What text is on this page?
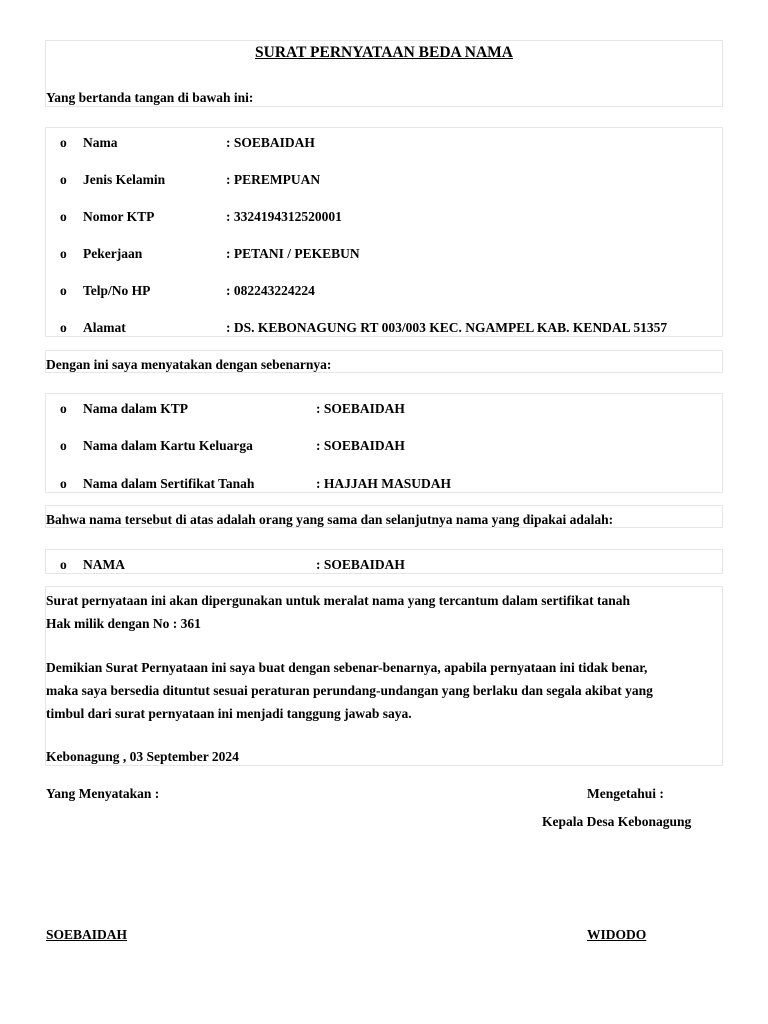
SURAT PERNYATAAN BEDA NAMA
Yang bertanda tangan di bawah ini:
o Nama	: SOEBAIDAH
o Jenis Kelamin	: PEREMPUAN
o Nomor KTP	: 3324194312520001
o Pekerjaan	: PETANI / PEKEBUN
o Telp/No HP	: 082243224224
o Alamat	: DS. KEBONAGUNG RT 003/003 KEC. NGAMPEL KAB. KENDAL 51357
Dengan ini saya menyatakan dengan sebenarnya:
o Nama dalam KTP	: SOEBAIDAH
o Nama dalam Kartu Keluarga	: SOEBAIDAH
o Nama dalam Sertifikat Tanah	: HAJJAH MASUDAH
Bahwa nama tersebut di atas adalah orang yang sama dan selanjutnya nama yang dipakai adalah:
o NAMA	: SOEBAIDAH
Surat pernyataan ini akan dipergunakan untuk meralat nama yang tercantum dalam sertifikat tanah
Hak milik dengan No : 361
Demikian Surat Pernyataan ini saya buat dengan sebenar-benarnya, apabila pernyataan ini tidak benar,
maka saya bersedia dituntut sesuai peraturan perundang-undangan yang berlaku dan segala akibat yang
timbul dari surat pernyataan ini menjadi tanggung jawab saya.
Kebonagung , 03 September 2024
Yang Menyatakan :	Mengetahui :
Kepala Desa Kebonagung
SOEBAIDAH	WIDODO
